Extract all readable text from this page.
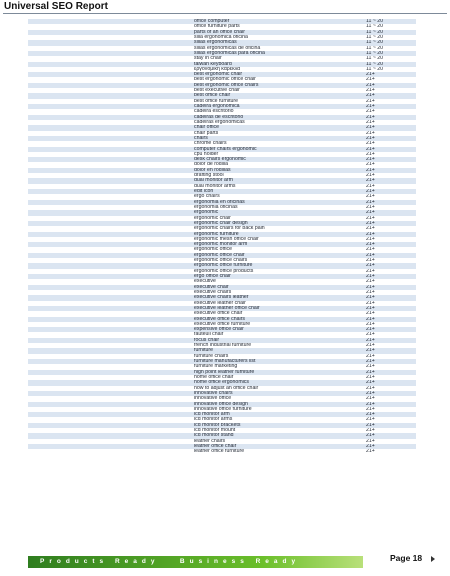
Universal SEO Report
office computer	11 ~ 20
office furniture parts	11 ~ 20
parts of an office chair	11 ~ 20
silla ergonomica oficina	11 ~ 20
sillas ergonomicas	11 ~ 20
sillas ergonomicas de oficina	11 ~ 20
sillas ergonomicas para oficina	11 ~ 20
stay in chair	11 ~ 20
taiwan keyboard	11 ~ 20
εργονομικη καρεκλα	11 ~ 20
best ergonomic chair	21+
best ergonomic office chair	21+
best ergonomic office chairs	21+
best executive chair	21+
best office chair	21+
best office furniture	21+
cadeira ergonomica	21+
cadeira escritorio	21+
cadeiras de escritorio	21+
cadeiras ergonomicas	21+
chair office	21+
chair parts	21+
chairs	21+
chrome chairs	21+
computer chairs ergonomic	21+
cpu holder	21+
desk chairs ergonomic	21+
dolor de rodilla	21+
dolor en rodillas	21+
drafting stool	21+
dual monitor arm	21+
dual monitor arms	21+
edit icon	21+
ergo chairs	21+
ergonomia en oficinas	21+
ergonomia oficinas	21+
ergonomic	21+
ergonomic chair	21+
ergonomic chair design	21+
ergonomic chairs for back pain	21+
ergonomic furniture	21+
ergonomic mesh office chair	21+
ergonomic monitor arm	21+
ergonomic office	21+
ergonomic office chair	21+
ergonomic office chairs	21+
ergonomic office furniture	21+
ergonomic office products	21+
ergo office chair	21+
executive	21+
executive chair	21+
executive chairs	21+
executive chairs leather	21+
executive leather chair	21+
executive leather office chair	21+
executive office chair	21+
executive office chairs	21+
executive office furniture	21+
expensive office chair	21+
fauteuil chair	21+
focus chair	21+
french industrial furniture	21+
furniture	21+
furniture chairs	21+
furniture manufacturers list	21+
furniture marketing	21+
high point leather furniture	21+
home office chair	21+
home office ergonomics	21+
how to adjust an office chair	21+
innovative chairs	21+
innovative office	21+
innovative office design	21+
innovative office furniture	21+
lcd monitor arm	21+
lcd monitor arms	21+
lcd monitor brackets	21+
lcd monitor mount	21+
lcd monitor stand	21+
leather chairs	21+
leather office chair	21+
leather office furniture	21+
Products Ready   Business Ready	Page 18
